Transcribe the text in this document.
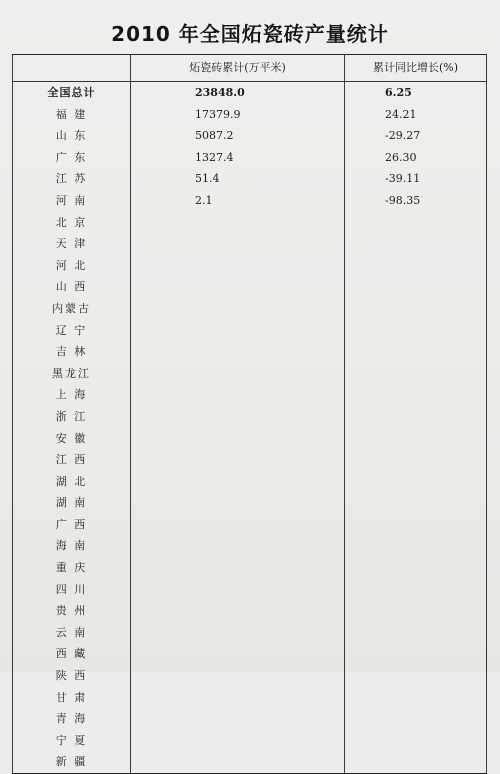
2010 年全国炻瓷砖产量统计
	炻瓷砖累计(万平米)	累计同比增长(%)
全国总计	23848.0	6.25
福 建	17379.9	24.21
山 东	5087.2	-29.27
广 东	1327.4	26.30
江 苏	51.4	-39.11
河 南	2.1	-98.35
北 京		
天 津		
河 北		
山 西		
内蒙古		
辽 宁		
吉 林		
黑龙江		
上 海		
浙 江		
安 徽		
江 西		
湖 北		
湖 南		
广 西		
海 南		
重 庆		
四 川		
贵 州		
云 南		
西 藏		
陕 西		
甘 肃		
青 海		
宁 夏		
新 疆		
